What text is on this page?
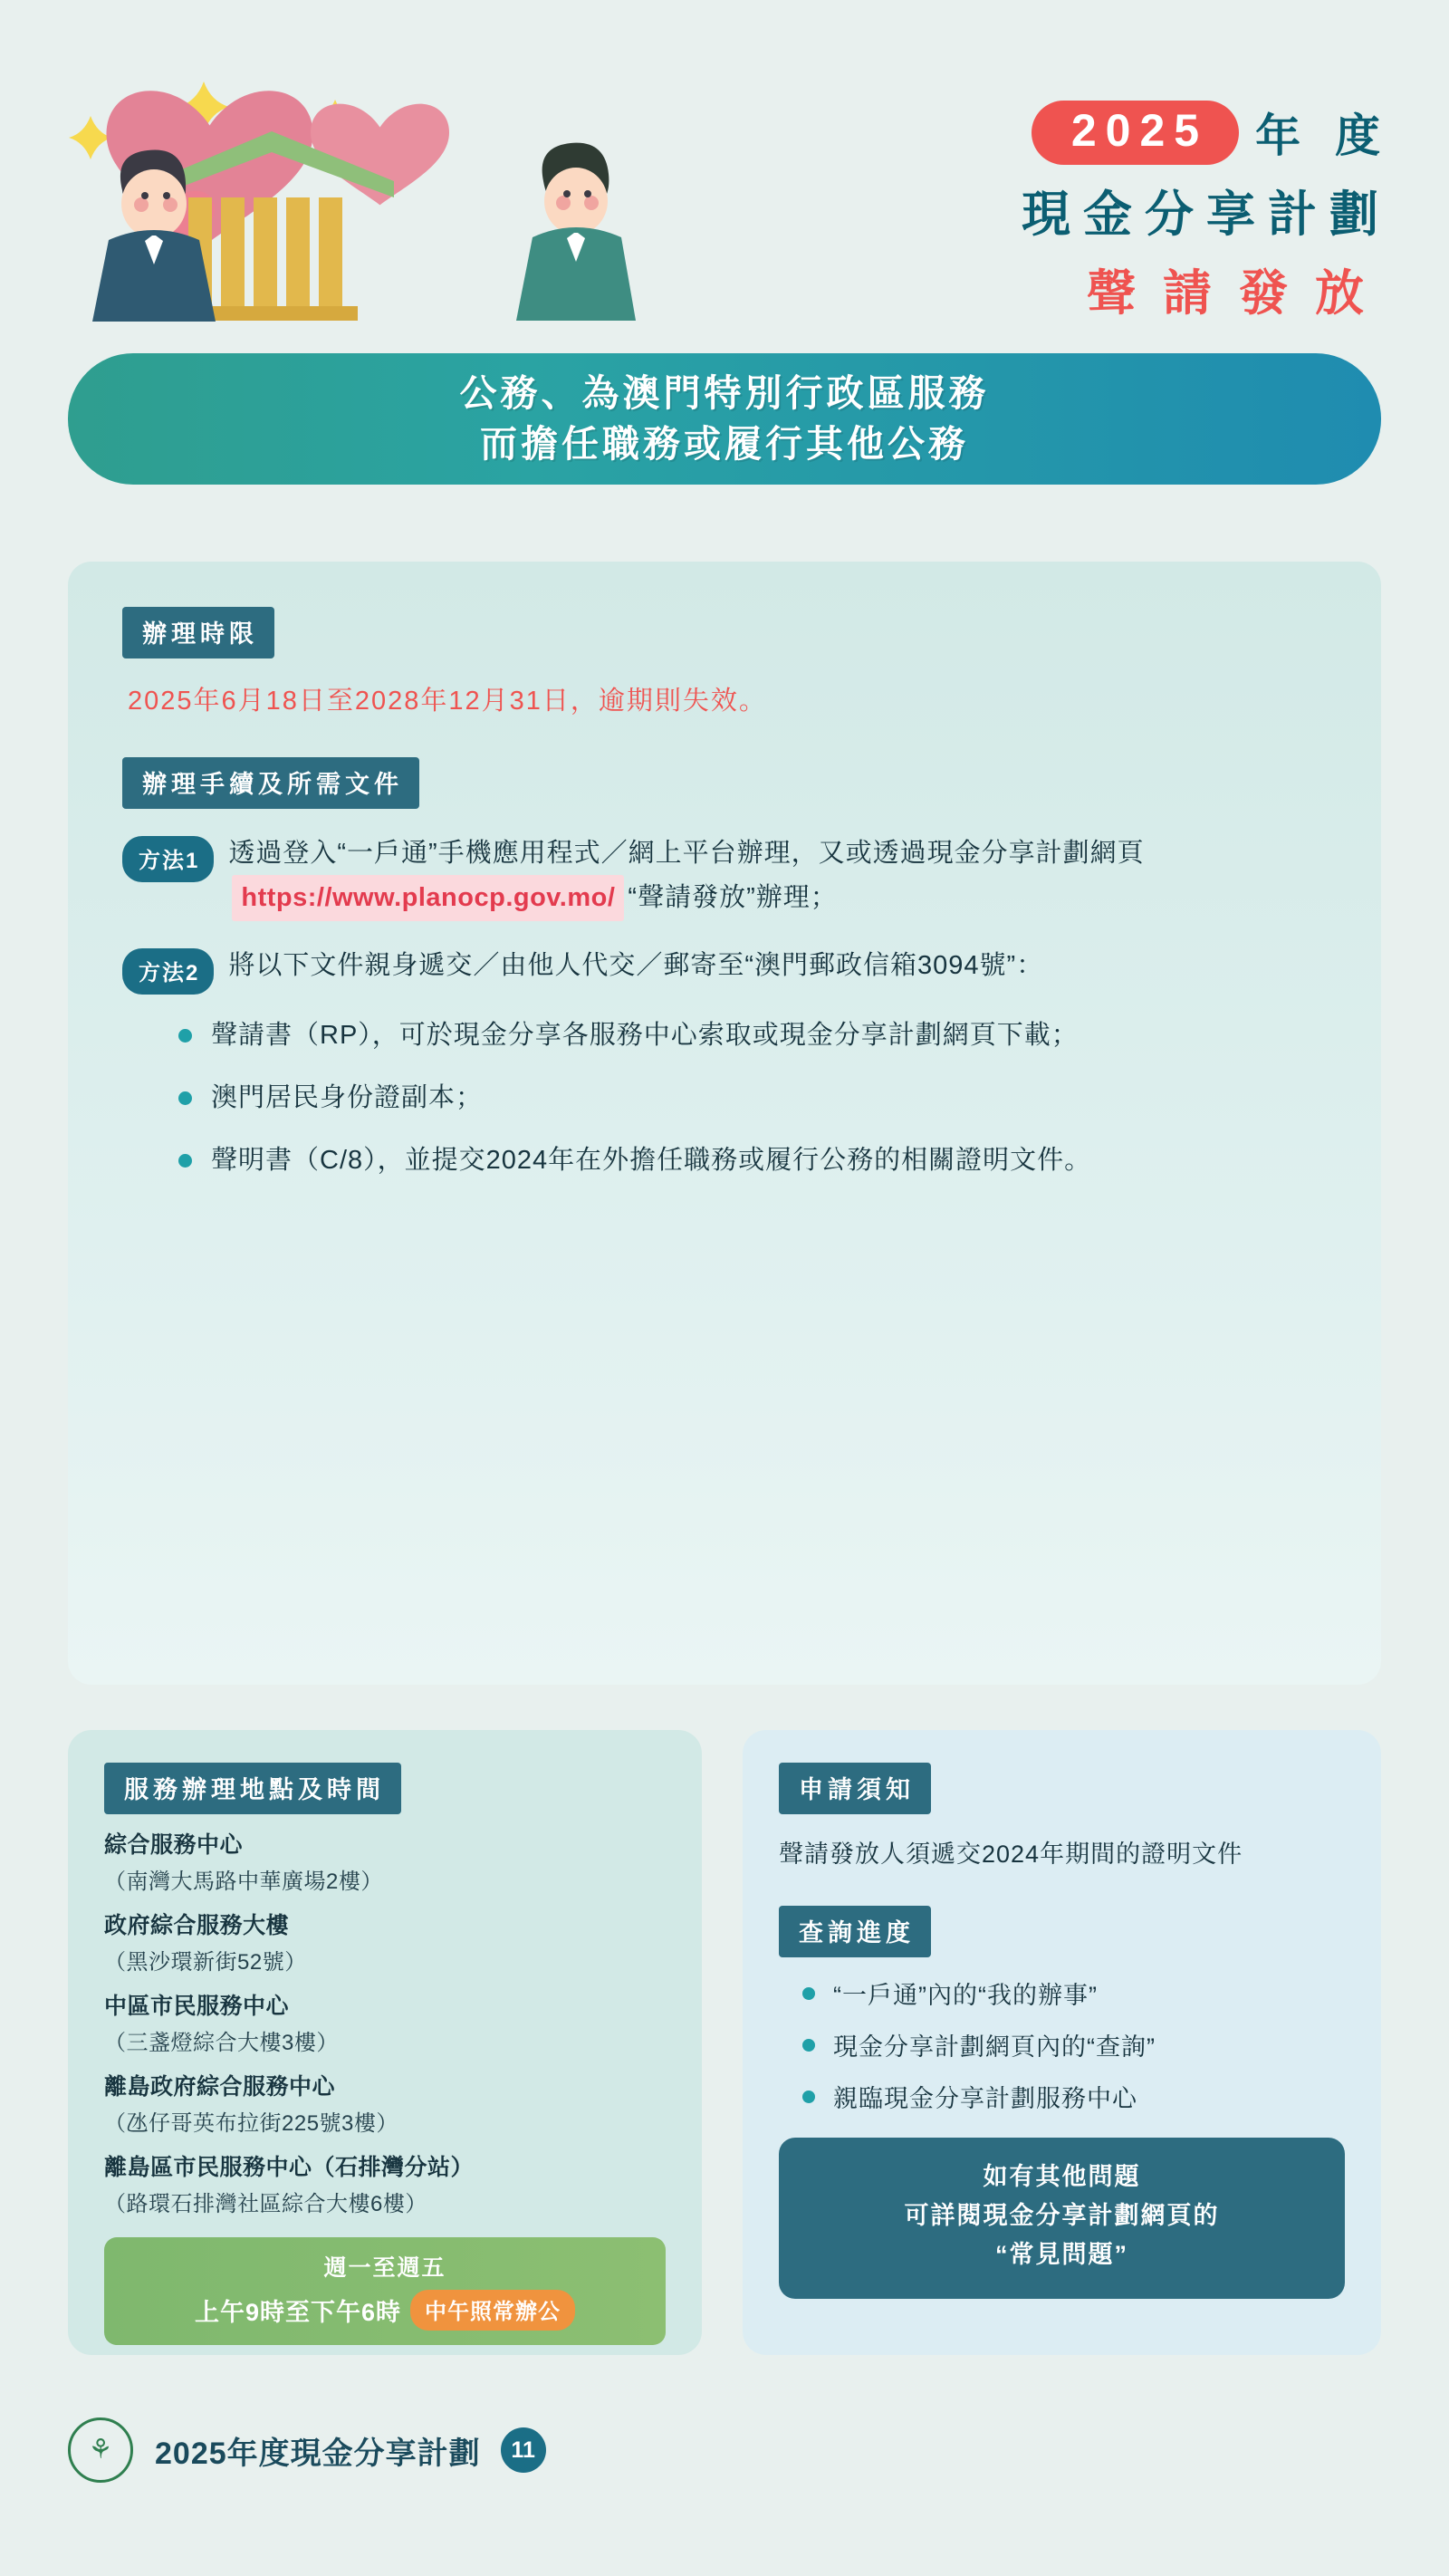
2025	年 度
現金分享計劃
聲請發放
公務、為澳門特別行政區服務
而擔任職務或履行其他公務
辦理時限
2025年6月18日至2028年12月31日，逾期則失效。
辦理手續及所需文件
方法1	透過登入“一戶通”手機應用程式／網上平台辦理，又或透過現金分享計劃網頁https://www.planocp.gov.mo/ “聲請發放”辦理；
方法2	將以下文件親身遞交／由他人代交／郵寄至“澳門郵政信箱3094號”：
聲請書（RP），可於現金分享各服務中心索取或現金分享計劃網頁下載；
澳門居民身份證副本；
聲明書（C/8），並提交2024年在外擔任職務或履行公務的相關證明文件。
服務辦理地點及時間
綜合服務中心
（南灣大馬路中華廣場2樓）
政府綜合服務大樓
（黑沙環新街52號）
中區市民服務中心
（三盞燈綜合大樓3樓）
離島政府綜合服務中心
（氹仔哥英布拉街225號3樓）
離島區市民服務中心（石排灣分站）
（路環石排灣社區綜合大樓6樓）
週一至週五
上午9時至下午6時	中午照常辦公
申請須知
聲請發放人須遞交2024年期間的證明文件
查詢進度
“一戶通”內的“我的辦事”
現金分享計劃網頁內的“查詢”
親臨現金分享計劃服務中心
如有其他問題
可詳閱現金分享計劃網頁的
“常見問題”
⚘ 2025年度現金分享計劃	11
